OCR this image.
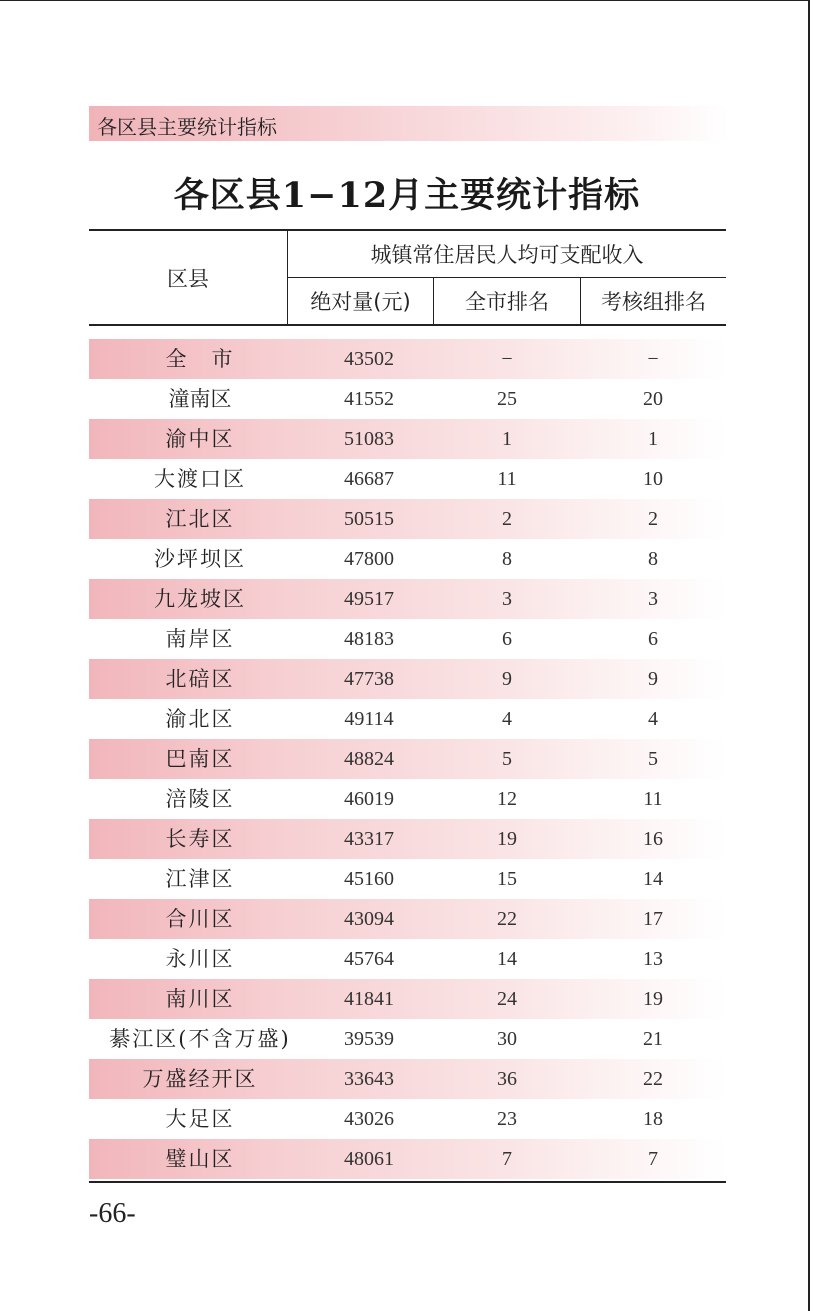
各区县主要统计指标
各区县1−12月主要统计指标
区县
城镇常住居民人均可支配收入
绝对量(元)	全市排名	考核组排名
全　市	43502	−	−
潼南区	41552	25	20
渝中区	51083	1	1
大渡口区	46687	11	10
江北区	50515	2	2
沙坪坝区	47800	8	8
九龙坡区	49517	3	3
南岸区	48183	6	6
北碚区	47738	9	9
渝北区	49114	4	4
巴南区	48824	5	5
涪陵区	46019	12	11
长寿区	43317	19	16
江津区	45160	15	14
合川区	43094	22	17
永川区	45764	14	13
南川区	41841	24	19
綦江区(不含万盛)	39539	30	21
万盛经开区	33643	36	22
大足区	43026	23	18
璧山区	48061	7	7
-66-
